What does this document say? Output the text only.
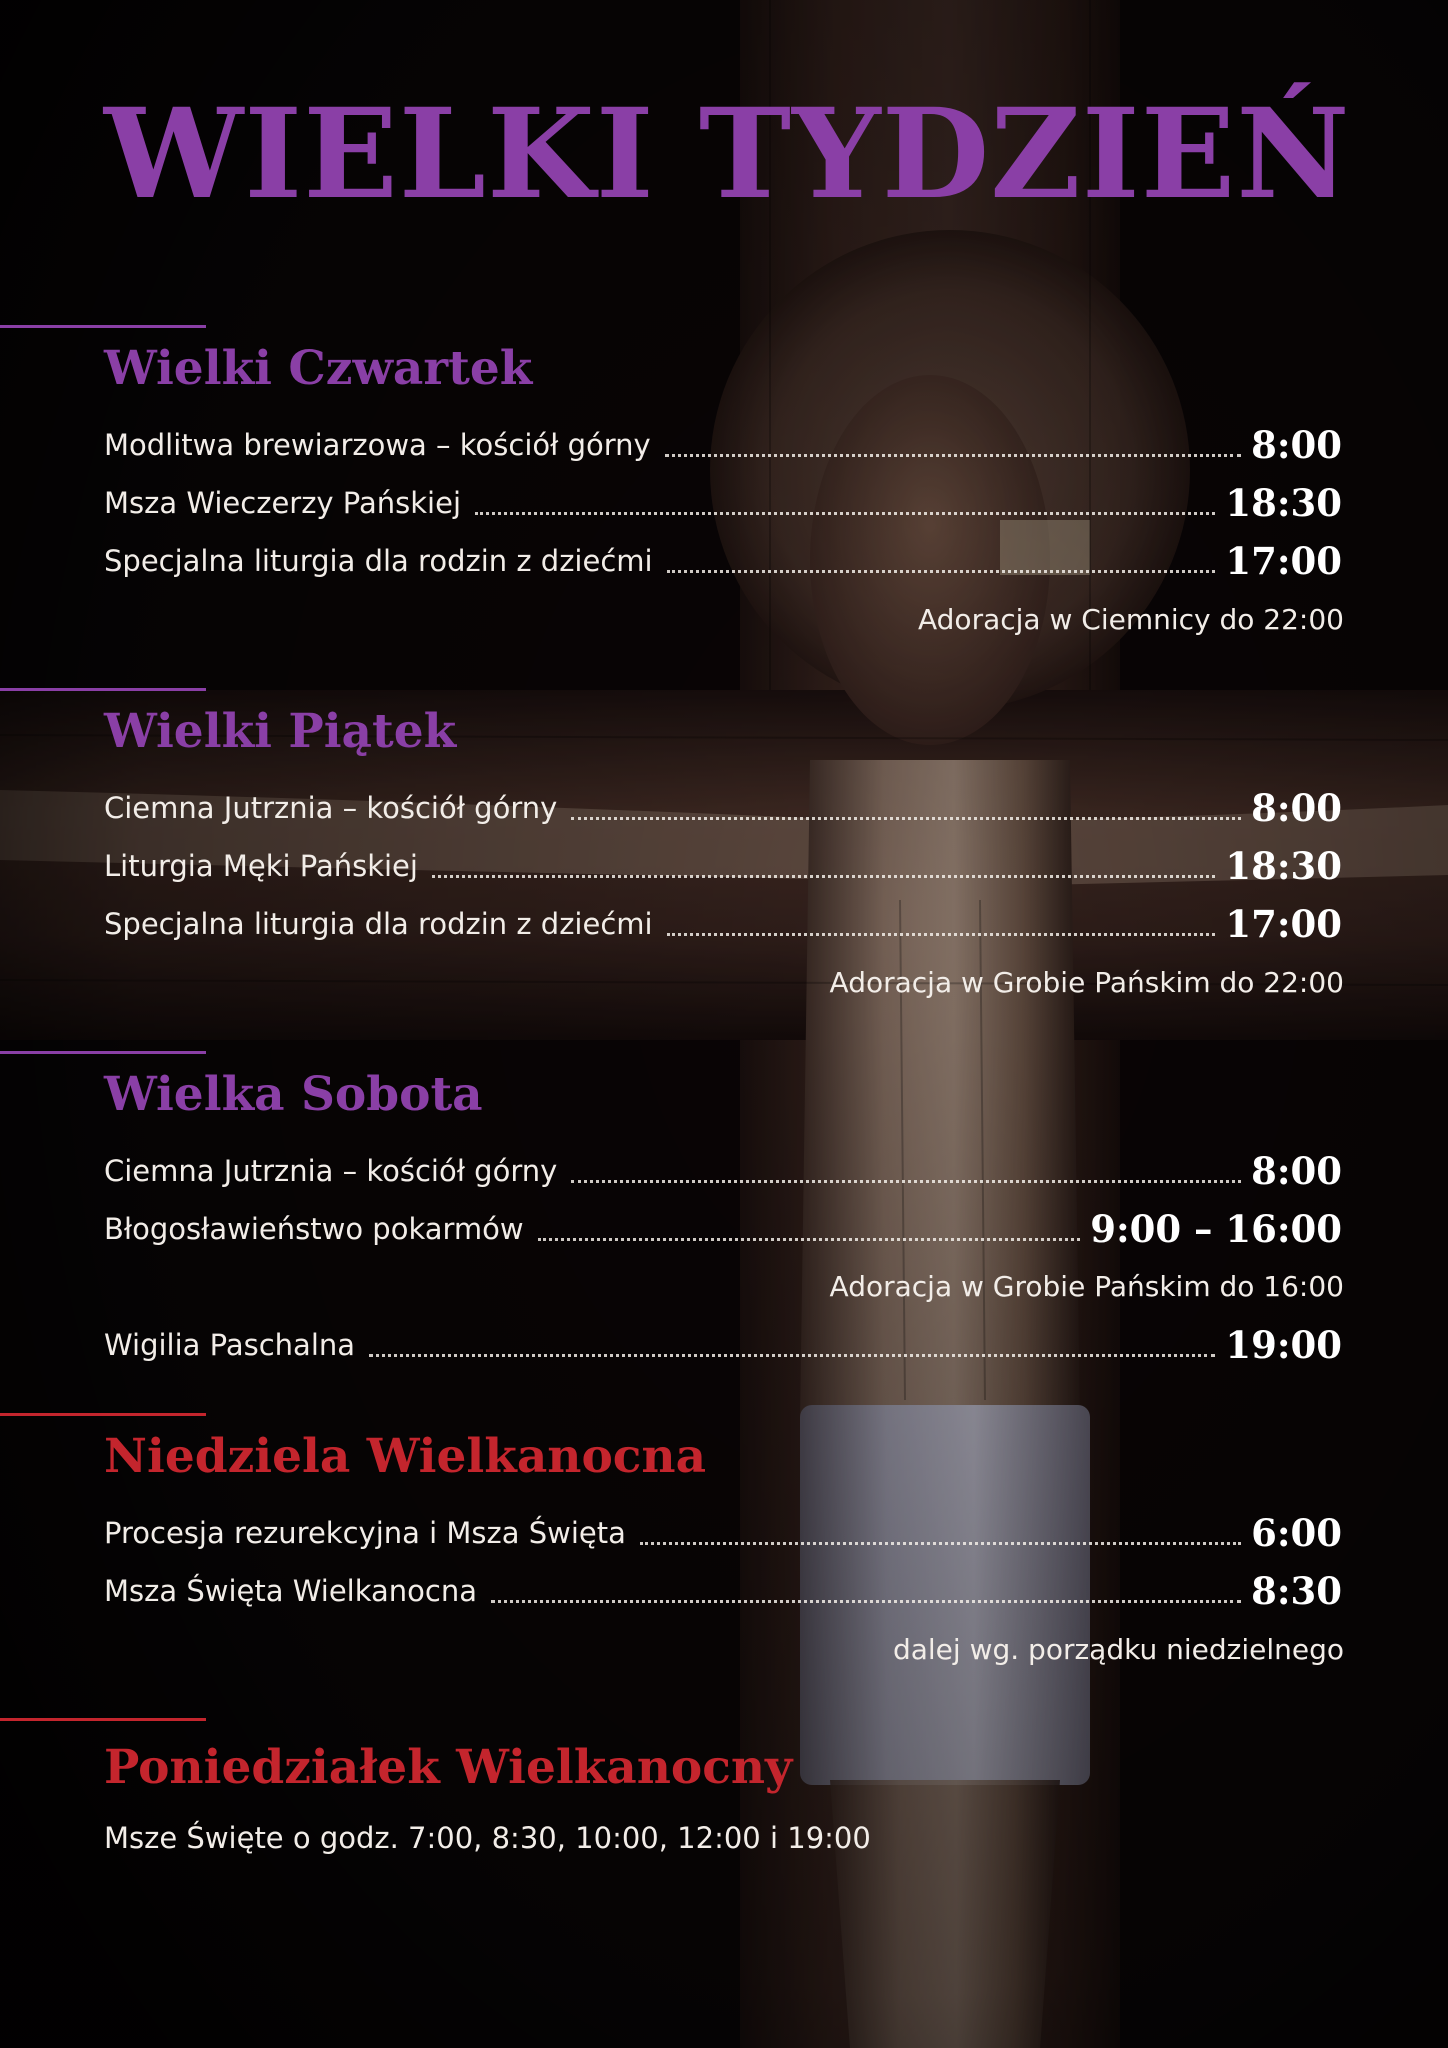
WIELKI TYDZIEŃ
Wielki Czwartek
Modlitwa brewiarzowa – kościół górny	8:00
Msza Wieczerzy Pańskiej	18:30
Specjalna liturgia dla rodzin z dziećmi	17:00
Adoracja w Ciemnicy do 22:00
Wielki Piątek
Ciemna Jutrznia – kościół górny	8:00
Liturgia Męki Pańskiej	18:30
Specjalna liturgia dla rodzin z dziećmi	17:00
Adoracja w Grobie Pańskim do 22:00
Wielka Sobota
Ciemna Jutrznia – kościół górny	8:00
Błogosławieństwo pokarmów	9:00 – 16:00
Adoracja w Grobie Pańskim do 16:00
Wigilia Paschalna	19:00
Niedziela Wielkanocna
Procesja rezurekcyjna i Msza Święta	6:00
Msza Święta Wielkanocna	8:30
dalej wg. porządku niedzielnego
Poniedziałek Wielkanocny
Msze Święte o godz. 7:00, 8:30, 10:00, 12:00 i 19:00
